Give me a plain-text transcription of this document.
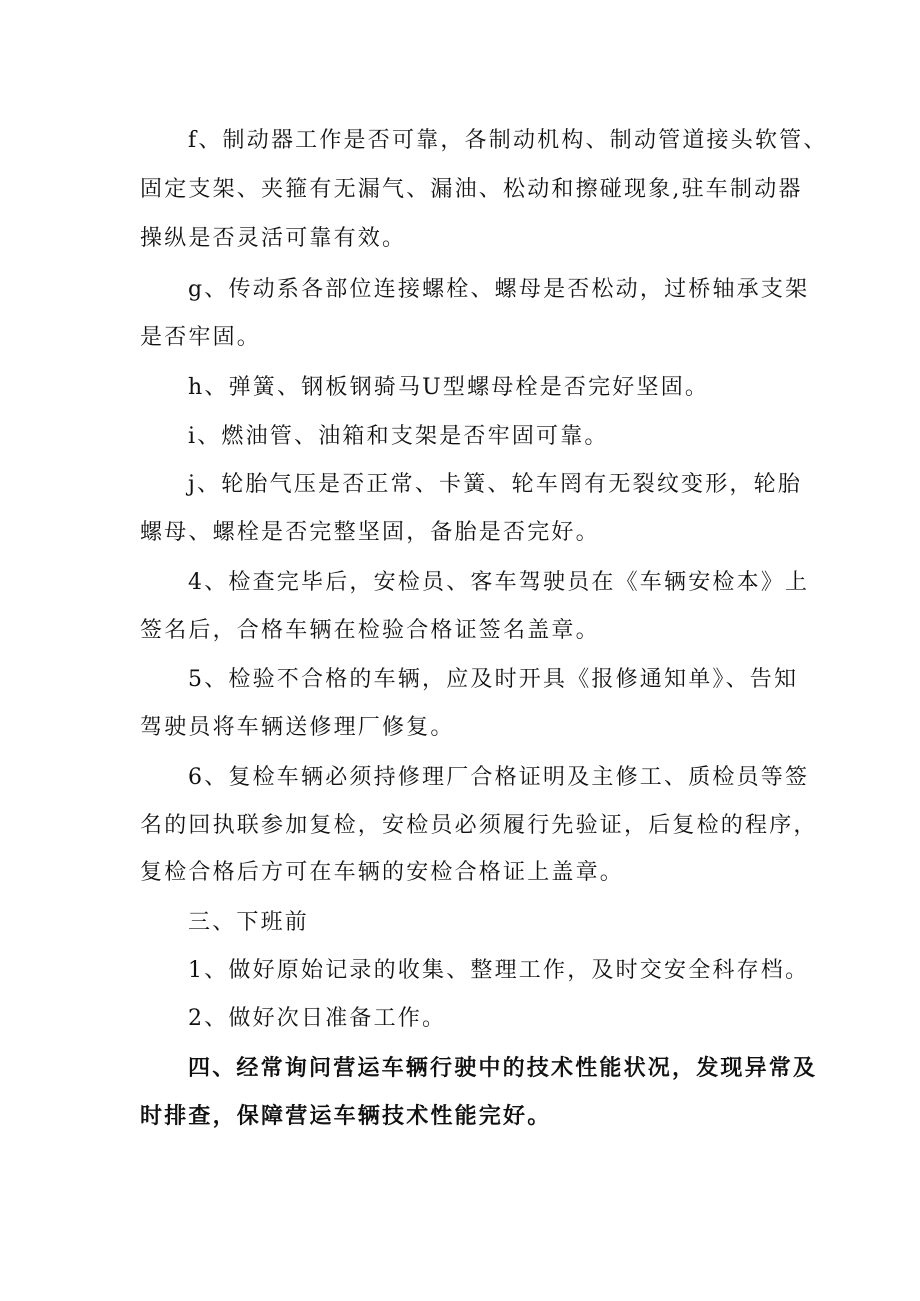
f、制动器工作是否可靠，各制动机构、制动管道接头软管、
固定支架、夹箍有无漏气、漏油、松动和擦碰现象,驻车制动器
操纵是否灵活可靠有效。
g、传动系各部位连接螺栓、螺母是否松动，过桥轴承支架
是否牢固。
h、弹簧、钢板钢骑马U型螺母栓是否完好坚固。
i、燃油管、油箱和支架是否牢固可靠。
j、轮胎气压是否正常、卡簧、轮车罔有无裂纹变形，轮胎
螺母、螺栓是否完整坚固，备胎是否完好。
4、检查完毕后，安检员、客车驾驶员在《车辆安检本》上
签名后，合格车辆在检验合格证签名盖章。
5、检验不合格的车辆，应及时开具《报修通知单》、告知
驾驶员将车辆送修理厂修复。
6、复检车辆必须持修理厂合格证明及主修工、质检员等签
名的回执联参加复检，安检员必须履行先验证，后复检的程序，
复检合格后方可在车辆的安检合格证上盖章。
三、下班前
1、做好原始记录的收集、整理工作，及时交安全科存档。
2、做好次日准备工作。
四、经常询问营运车辆行驶中的技术性能状况，发现异常及
时排查，保障营运车辆技术性能完好。
